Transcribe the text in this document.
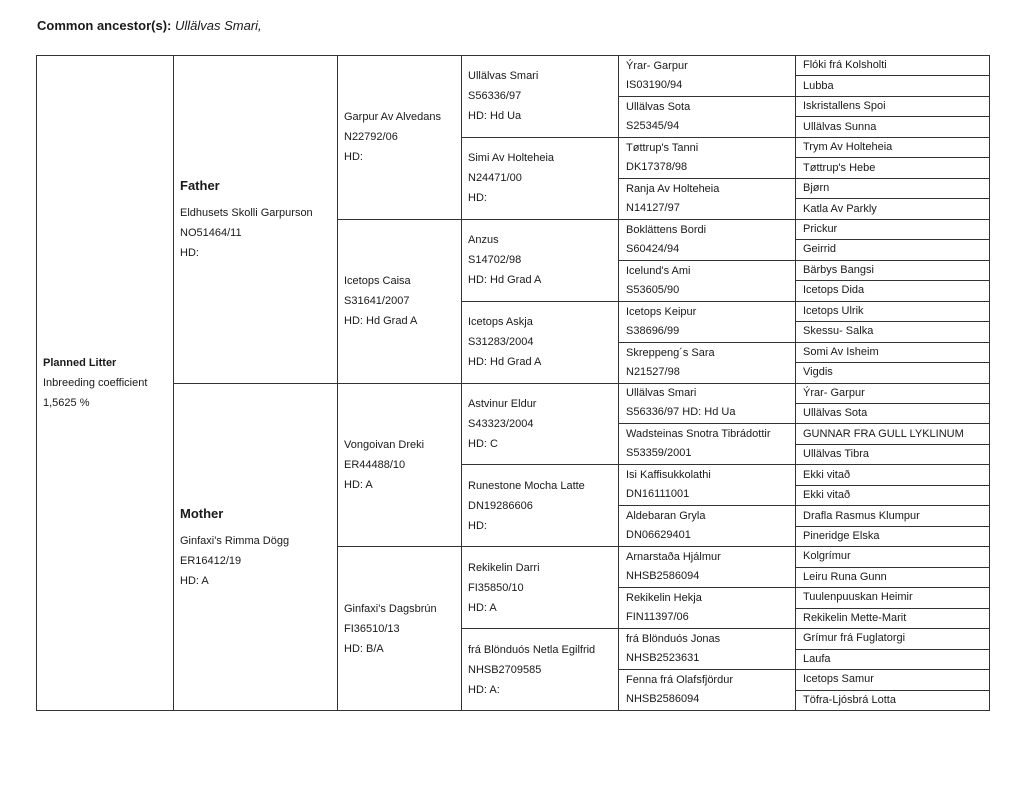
Common ancestor(s): Ullälvas Smari,
Planned Litter
Inbreeding coefficient
1,5625 %	Father
Eldhusets Skolli Garpurson
NO51464/11
HD:	Garpur Av Alvedans
N22792/06
HD:	Ullälvas Smari
S56336/97
HD: Hd Ua	Ýrar- Garpur
IS03190/94	Flóki frá Kolsholti
					Lubba

				Ullälvas Sota
S25345/94	Iskristallens Spoi
					Ullälvas Sunna

			Simi Av Holteheia
N24471/00
HD:	Tøttrup's Tanni
DK17378/98	Trym Av Holteheia
					Tøttrup's Hebe

				Ranja Av Holteheia
N14127/97	Bjørn
					Katla Av Parkly

		Icetops Caisa
S31641/2007
HD: Hd Grad A	Anzus
S14702/98
HD: Hd Grad A	Boklättens Bordi
S60424/94	Prickur
					Geirrid

				Icelund's Ami
S53605/90	Bärbys Bangsi
					Icetops Dida

			Icetops Askja
S31283/2004
HD: Hd Grad A	Icetops Keipur
S38696/99	Icetops Ulrik
					Skessu- Salka

				Skreppeng´s Sara
N21527/98	Somi Av Isheim
					Vigdis

	Mother
Ginfaxi's Rimma Dögg
ER16412/19
HD: A	Vongoivan Dreki
ER44488/10
HD: A	Astvinur Eldur
S43323/2004
HD: C	Ullälvas Smari
S56336/97 HD: Hd Ua	Ýrar- Garpur
					Ullälvas Sota

				Wadsteinas Snotra Tibrádottir
S53359/2001	GUNNAR FRA GULL LYKLINUM
					Ullälvas Tibra

			Runestone Mocha Latte
DN19286606
HD:	Isi Kaffisukkolathi
DN16111001	Ekki vitað
					Ekki vitað

				Aldebaran Gryla
DN06629401	Drafla Rasmus Klumpur
					Pineridge Elska

		Ginfaxi's Dagsbrún
FI36510/13
HD: B/A	Rekikelin Darri
FI35850/10
HD: A	Arnarstaða Hjálmur
NHSB2586094	Kolgrímur
					Leiru Runa Gunn

				Rekikelin Hekja
FIN11397/06	Tuulenpuuskan Heimir
					Rekikelin Mette-Marit

			frá Blönduós Netla Egilfrid
NHSB2709585
HD: A:	frá Blönduós Jonas
NHSB2523631	Grímur frá Fuglatorgi
					Laufa

				Fenna frá Olafsfjördur
NHSB2586094	Icetops Samur
					Töfra-Ljósbrá Lotta
